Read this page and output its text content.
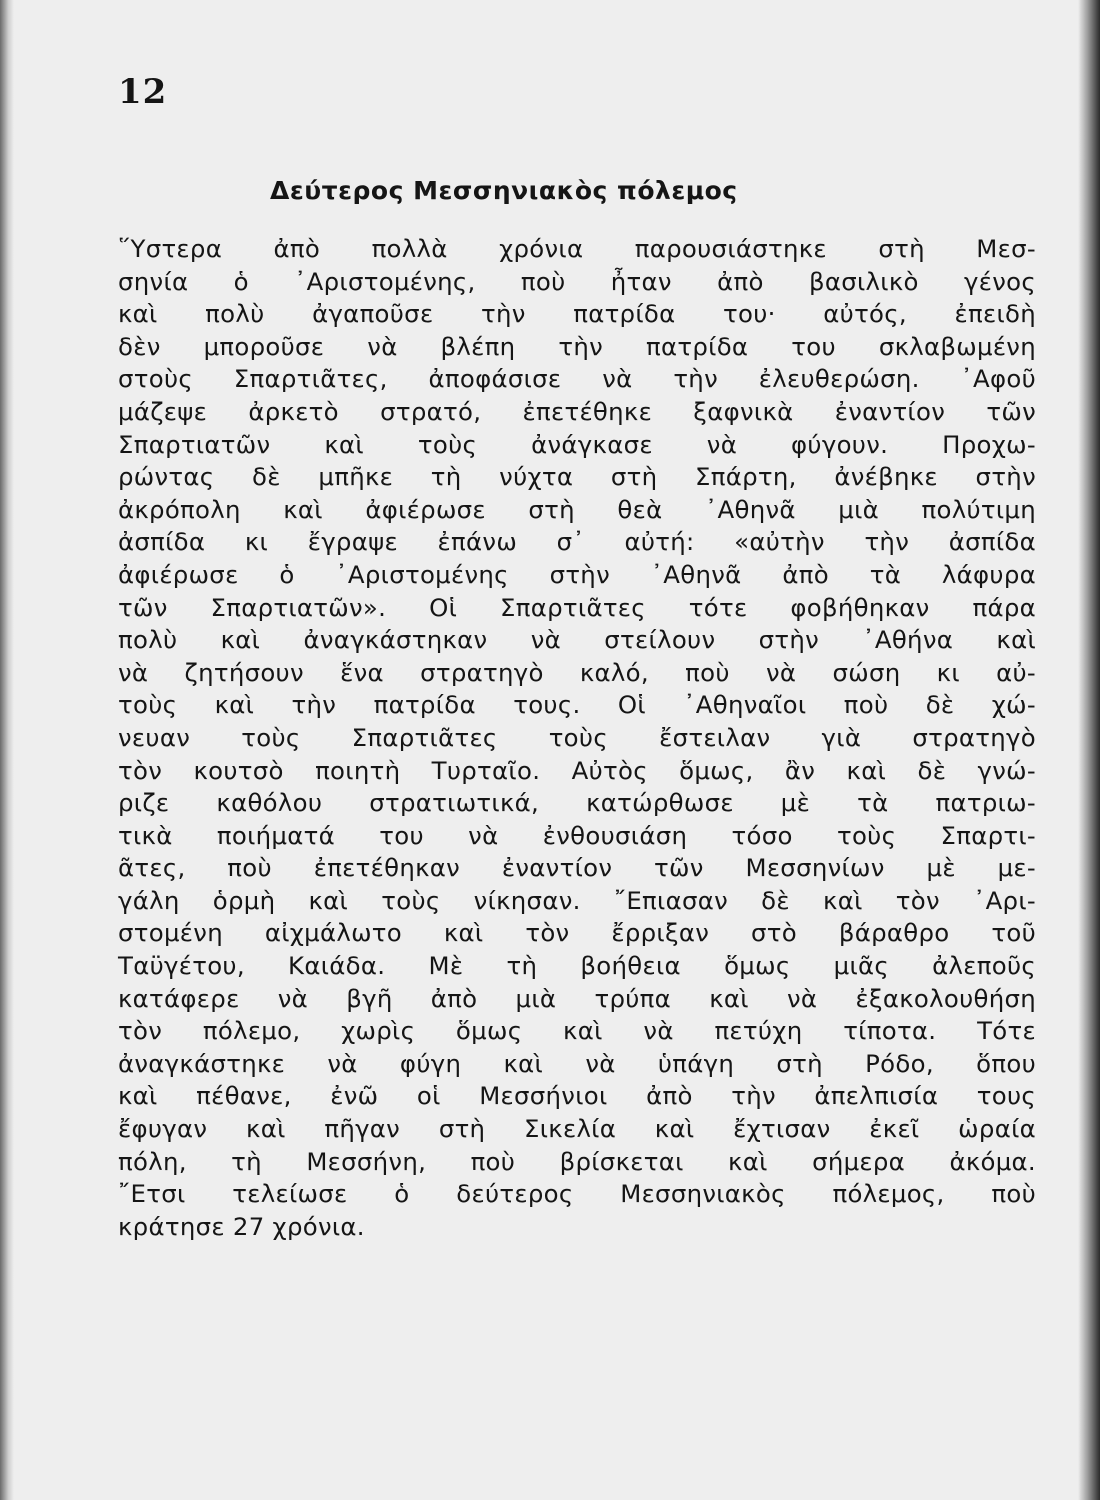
12
Δεύτερος Μεσσηνιακὸς πόλεμος
῞Υστερα ἀπὸ πολλὰ χρόνια παρουσιάστηκε στὴ Μεσ-
σηνία ὁ ᾽Αριστομένης, ποὺ ἦταν ἀπὸ βασιλικὸ γένος
καὶ πολὺ ἀγαποῦσε τὴν πατρίδα του· αὐτός, ἐπειδὴ
δὲν μποροῦσε νὰ βλέπη τὴν πατρίδα του σκλαβωμένη
στοὺς Σπαρτιᾶτες, ἀποφάσισε νὰ τὴν ἐλευθερώση. ᾽Αφοῦ
μάζεψε ἀρκετὸ στρατό, ἐπετέθηκε ξαφνικὰ ἐναντίον τῶν
Σπαρτιατῶν καὶ τοὺς ἀνάγκασε νὰ φύγουν. Προχω-
ρώντας δὲ μπῆκε τὴ νύχτα στὴ Σπάρτη, ἀνέβηκε στὴν
ἀκρόπολη καὶ ἀφιέρωσε στὴ θεὰ ᾽Αθηνᾶ μιὰ πολύτιμη
ἀσπίδα κι ἔγραψε ἐπάνω σ᾽ αὐτή: «αὐτὴν τὴν ἀσπίδα
ἀφιέρωσε ὁ ᾽Αριστομένης στὴν ᾽Αθηνᾶ ἀπὸ τὰ λάφυρα
τῶν Σπαρτιατῶν». Οἱ Σπαρτιᾶτες τότε φοβήθηκαν πάρα
πολὺ καὶ ἀναγκάστηκαν νὰ στείλουν στὴν ᾽Αθήνα καὶ
νὰ ζητήσουν ἕνα στρατηγὸ καλό, ποὺ νὰ σώση κι αὐ-
τοὺς καὶ τὴν πατρίδα τους. Οἱ ᾽Αθηναῖοι ποὺ δὲ χώ-
νευαν τοὺς Σπαρτιᾶτες τοὺς ἔστειλαν γιὰ στρατηγὸ
τὸν κουτσὸ ποιητὴ Τυρταῖο. Αὐτὸς ὅμως, ἂν καὶ δὲ γνώ-
ριζε καθόλου στρατιωτικά, κατώρθωσε μὲ τὰ πατριω-
τικὰ ποιήματά του νὰ ἐνθουσιάση τόσο τοὺς Σπαρτι-
ᾶτες, ποὺ ἐπετέθηκαν ἐναντίον τῶν Μεσσηνίων μὲ με-
γάλη ὁρμὴ καὶ τοὺς νίκησαν. ῎Επιασαν δὲ καὶ τὸν ᾽Αρι-
στομένη αἰχμάλωτο καὶ τὸν ἔρριξαν στὸ βάραθρο τοῦ
Ταϋγέτου, Καιάδα. Μὲ τὴ βοήθεια ὅμως μιᾶς ἀλεποῦς
κατάφερε νὰ βγῆ ἀπὸ μιὰ τρύπα καὶ νὰ ἐξακολουθήση
τὸν πόλεμο, χωρὶς ὅμως καὶ νὰ πετύχη τίποτα. Τότε
ἀναγκάστηκε νὰ φύγη καὶ νὰ ὑπάγη στὴ Ρόδο, ὅπου
καὶ πέθανε, ἐνῶ οἱ Μεσσήνιοι ἀπὸ τὴν ἀπελπισία τους
ἔφυγαν καὶ πῆγαν στὴ Σικελία καὶ ἔχτισαν ἐκεῖ ὡραία
πόλη, τὴ Μεσσήνη, ποὺ βρίσκεται καὶ σήμερα ἀκόμα.
῎Ετσι τελείωσε ὁ δεύτερος Μεσσηνιακὸς πόλεμος, ποὺ
κράτησε 27 χρόνια.
